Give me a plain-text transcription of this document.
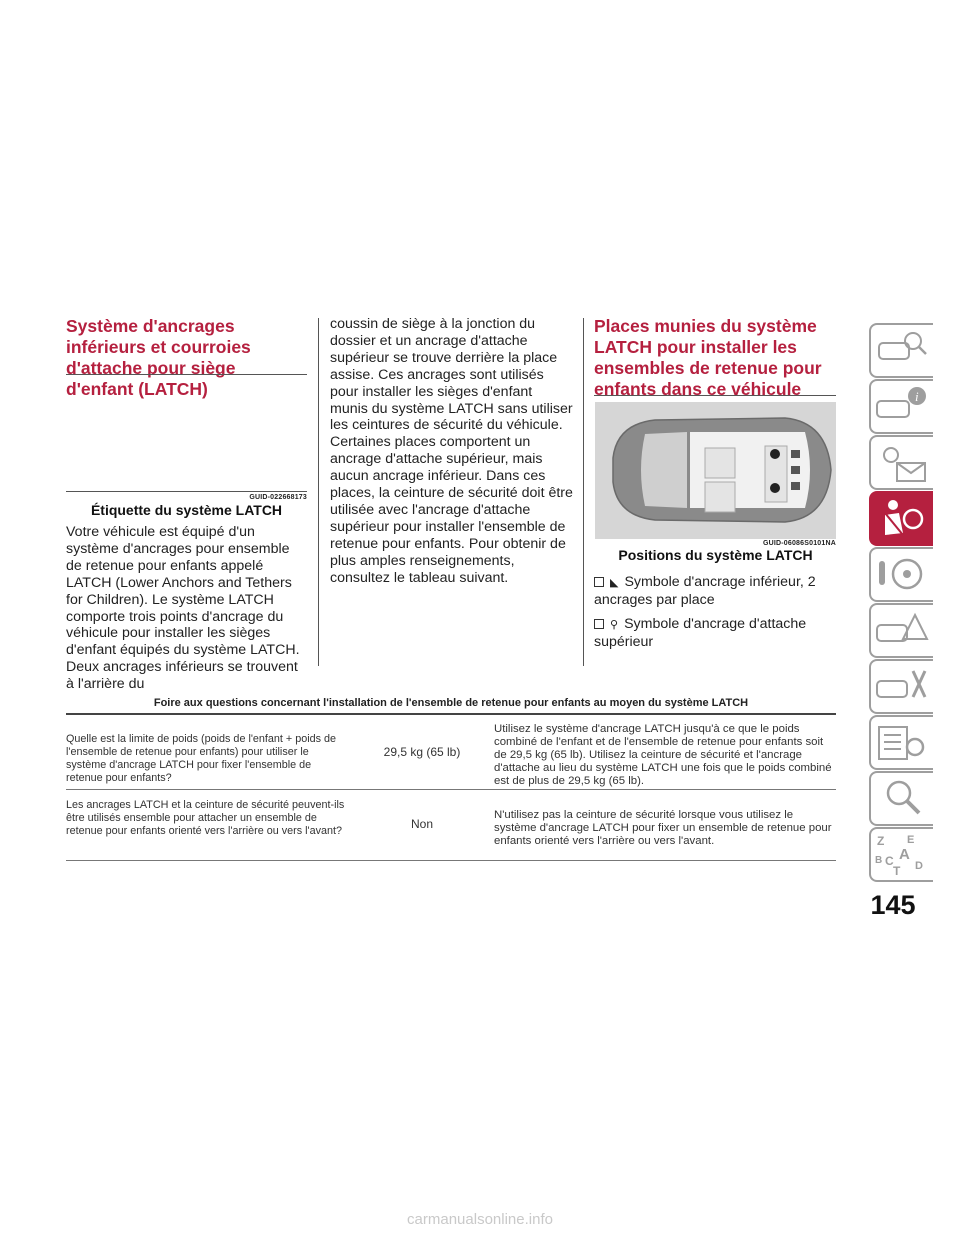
Système d'ancrages inférieurs et courroies d'attache pour siège d'enfant (LATCH)
GUID-022668173
Étiquette du système LATCH
Votre véhicule est équipé d'un système d'ancrages pour ensemble de retenue pour enfants appelé LATCH (Lower Anchors and Tethers for Children). Le système LATCH comporte trois points d'ancrage du véhicule pour installer les sièges d'enfant équipés du système LATCH. Deux ancrages inférieurs se trouvent à l'arrière du
coussin de siège à la jonction du dossier et un ancrage d'attache supérieur se trouve derrière la place assise. Ces ancrages sont utilisés pour installer les sièges d'enfant munis du système LATCH sans utiliser les ceintures de sécurité du véhicule. Certaines places comportent un ancrage d'attache supérieur, mais aucun ancrage inférieur. Dans ces places, la ceinture de sécurité doit être utilisée avec l'ancrage d'attache supérieur pour installer l'ensemble de retenue pour enfants. Pour obtenir de plus amples renseignements, consultez le tableau suivant.
Places munies du système LATCH pour installer les ensembles de retenue pour enfants dans ce véhicule
GUID-06086S0101NA
Positions du système LATCH
◣ Symbole d'ancrage inférieur, 2 ancrages par place
⚲ Symbole d'ancrage d'attache supérieur
Foire aux questions concernant l'installation de l'ensemble de retenue pour enfants au moyen du système LATCH
Quelle est la limite de poids (poids de l'enfant + poids de l'ensemble de retenue pour enfants) pour utiliser le système d'ancrage LATCH pour fixer l'ensemble de retenue pour enfants?
29,5 kg (65 lb)
Utilisez le système d'ancrage LATCH jusqu'à ce que le poids combiné de l'enfant et de l'ensemble de retenue pour enfants soit de 29,5 kg (65 lb). Utilisez la ceinture de sécurité et l'ancrage d'attache au lieu du système LATCH une fois que le poids combiné est de plus de 29,5 kg (65 lb).
Les ancrages LATCH et la ceinture de sécurité peuvent-ils être utilisés ensemble pour attacher un ensemble de retenue pour enfants orienté vers l'arrière ou vers l'avant?	Non
N'utilisez pas la ceinture de sécurité lorsque vous utilisez le système d'ancrage LATCH pour fixer un ensemble de retenue pour enfants orienté vers l'arrière ou vers l'avant.
i
Z E
A
B C
T D
145
carmanualsonline.info
